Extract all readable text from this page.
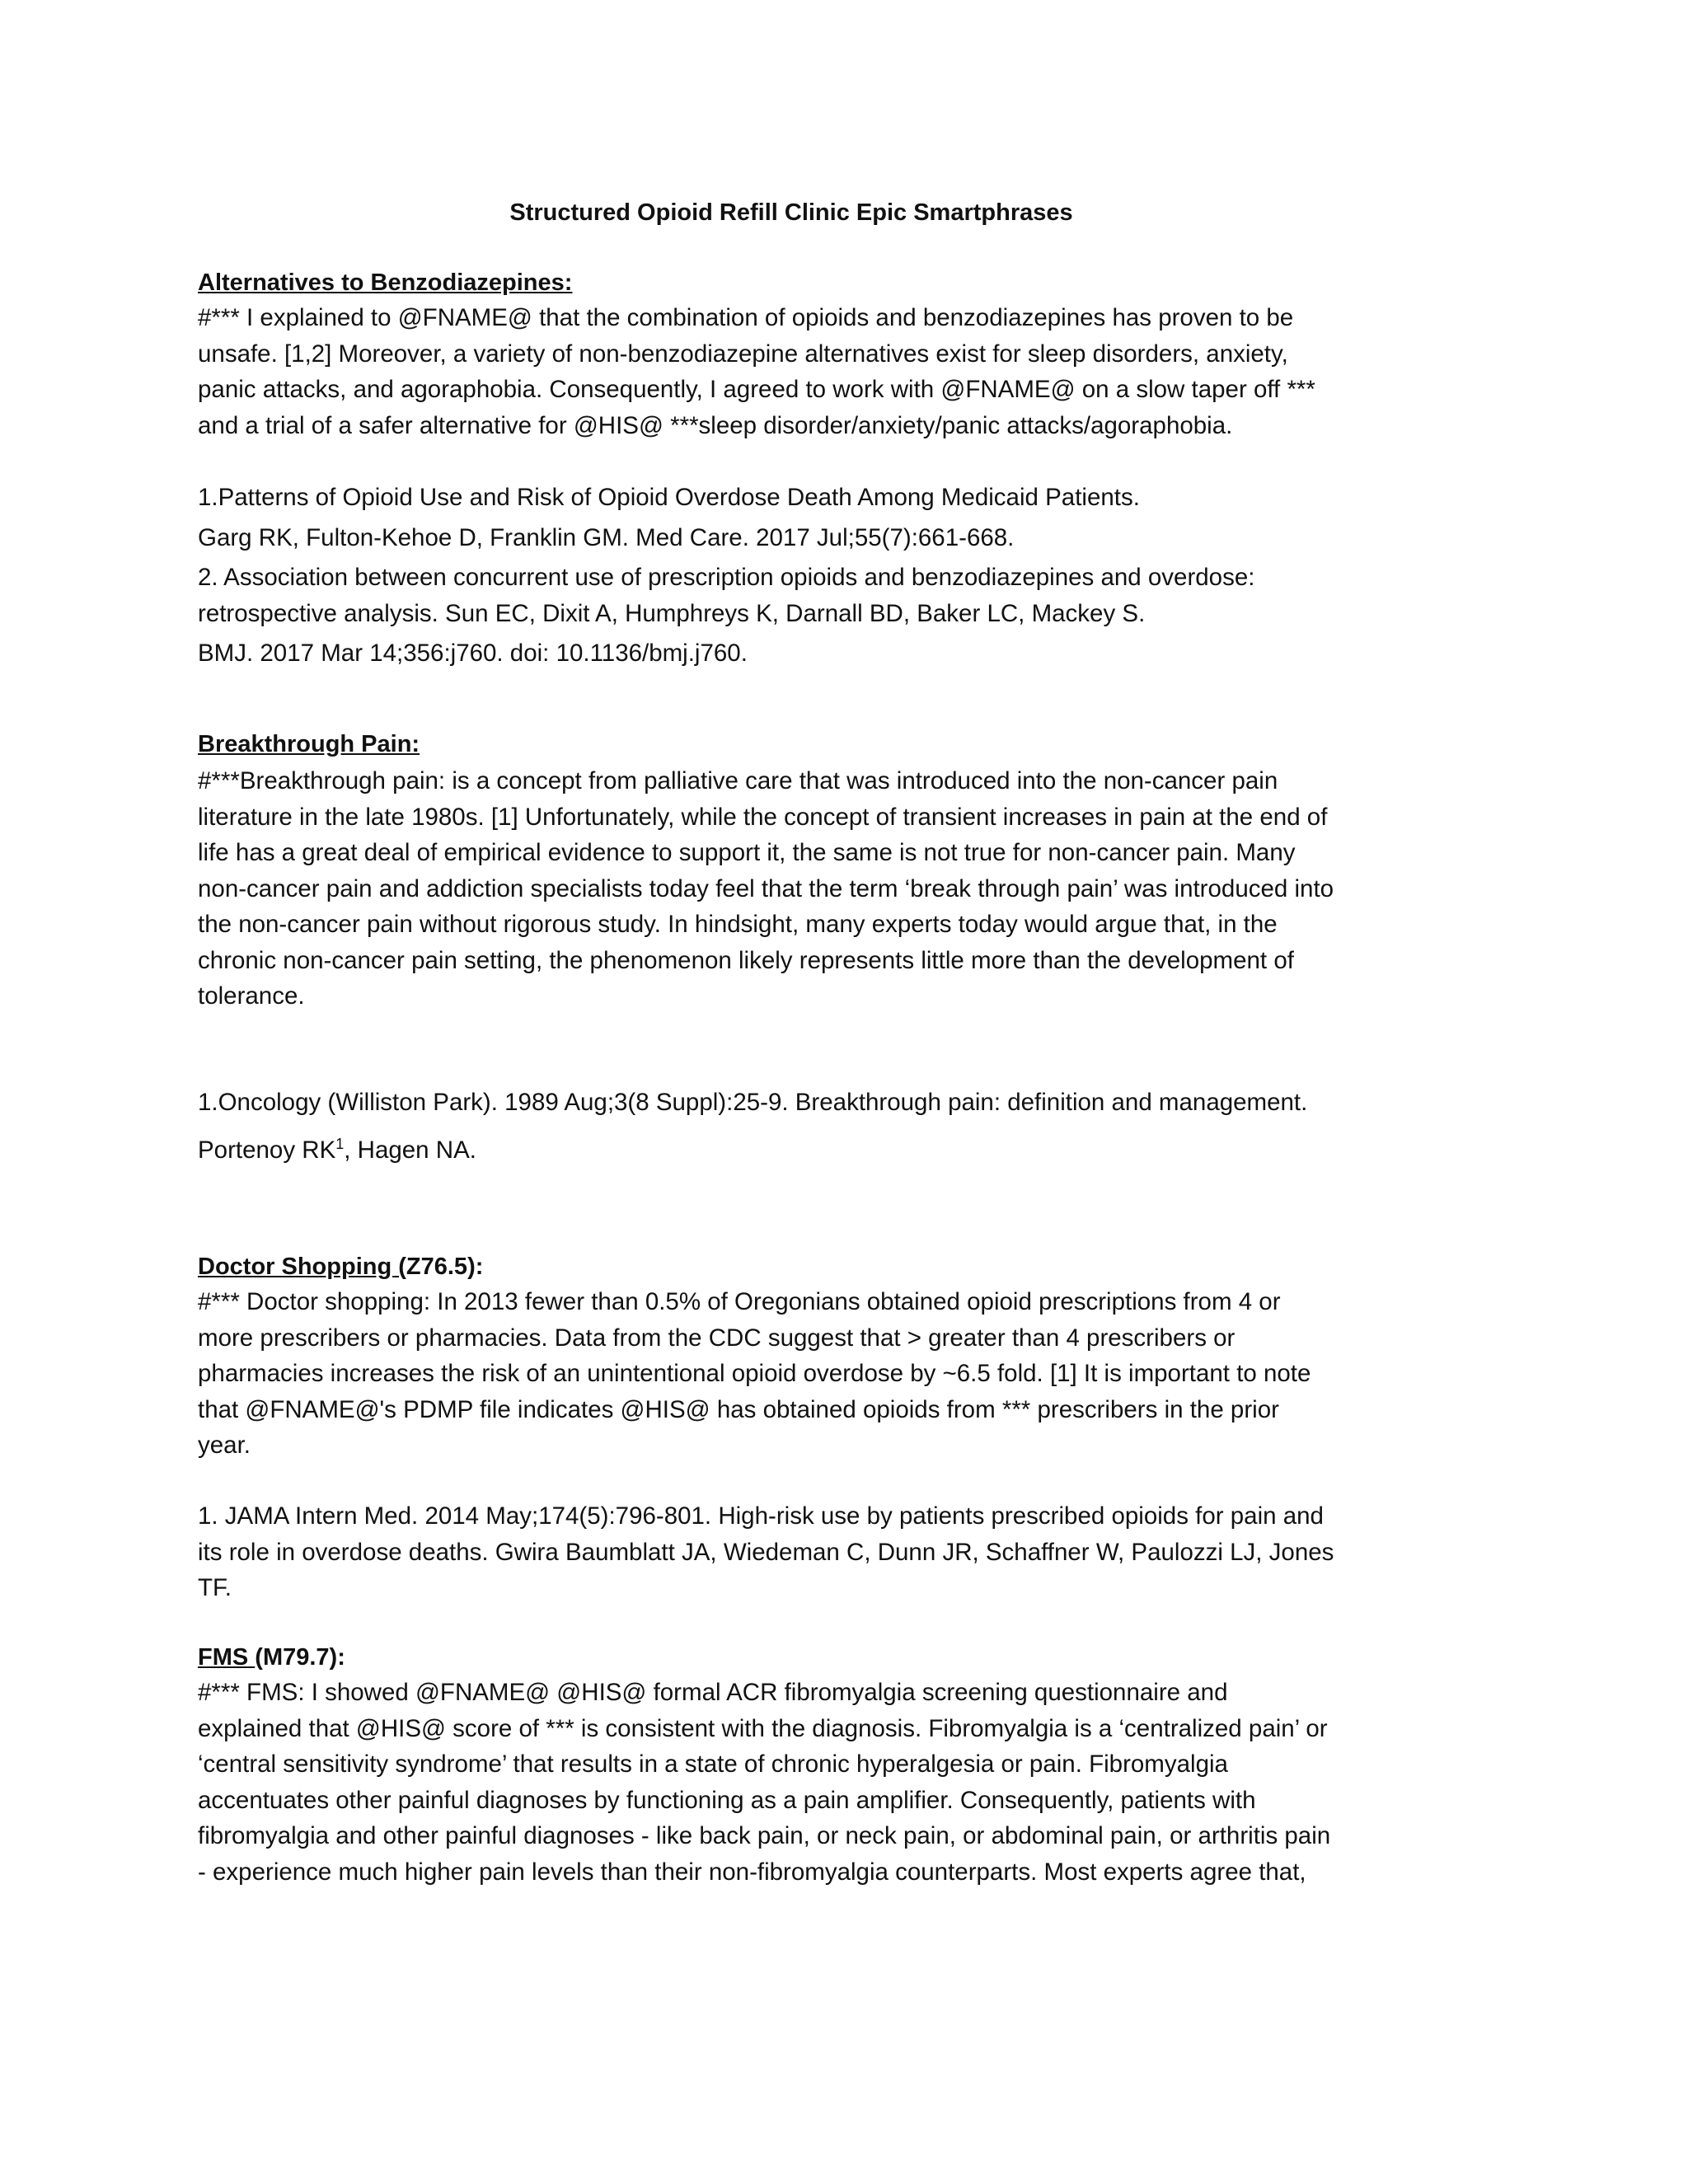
Structured Opioid Refill Clinic Epic Smartphrases
Alternatives to Benzodiazepines:

#*** I explained to @FNAME@ that the combination of opioids and benzodiazepines has proven to be
unsafe. [1,2] Moreover, a variety of non-benzodiazepine alternatives exist for sleep disorders, anxiety,
panic attacks, and agoraphobia. Consequently, I agreed to work with @FNAME@ on a slow taper off ***
and a trial of a safer alternative for @HIS@ ***sleep disorder/anxiety/panic attacks/agoraphobia.

1.Patterns of Opioid Use and Risk of Opioid Overdose Death Among Medicaid Patients.
Garg RK, Fulton-Kehoe D, Franklin GM. Med Care. 2017 Jul;55(7):661-668.

2. Association between concurrent use of prescription opioids and benzodiazepines and overdose:
retrospective analysis. Sun EC, Dixit A, Humphreys K, Darnall BD, Baker LC, Mackey S.

BMJ. 2017 Mar 14;356:j760. doi: 10.1136/bmj.j760.
Breakthrough Pain:

#***Breakthrough pain: is a concept from palliative care that was introduced into the non-cancer pain
literature in the late 1980s. [1] Unfortunately, while the concept of transient increases in pain at the end of
life has a great deal of empirical evidence to support it, the same is not true for non-cancer pain. Many
non-cancer pain and addiction specialists today feel that the term ‘break through pain’ was introduced into
the non-cancer pain without rigorous study. In hindsight, many experts today would argue that, in the
chronic non-cancer pain setting, the phenomenon likely represents little more than the development of
tolerance.

1.Oncology (Williston Park). 1989 Aug;3(8 Suppl):25-9. Breakthrough pain: definition and management.
Portenoy $RK^1$, Hagen NA.
Doctor Shopping (Z76.5):

#*** Doctor shopping: In 2013 fewer than 0.5% of Oregonians obtained opioid prescriptions from 4 or
more prescribers or pharmacies. Data from the CDC suggest that > greater than 4 prescribers or
pharmacies increases the risk of an unintentional opioid overdose by ~6.5 fold. [1] It is important to note
that @FNAME@'s PDMP file indicates @HIS@ has obtained opioids from *** prescribers in the prior
year.

1. JAMA Intern Med. 2014 May;174(5):796-801. High-risk use by patients prescribed opioids for pain and
its role in overdose deaths. Gwira Baumblatt JA, Wiedeman C, Dunn JR, Schaffner W, Paulozzi LJ, Jones
TF.

FMS (M79.7):

#*** FMS: I showed @FNAME@ @HIS@ formal ACR fibromyalgia screening questionnaire and
explained that @HIS@ score of *** is consistent with the diagnosis. Fibromyalgia is a ‘centralized pain’ or
‘central sensitivity syndrome’ that results in a state of chronic hyperalgesia or pain. Fibromyalgia
accentuates other painful diagnoses by functioning as a pain amplifier. Consequently, patients with
fibromyalgia and other painful diagnoses - like back pain, or neck pain, or abdominal pain, or arthritis pain
- experience much higher pain levels than their non-fibromyalgia counterparts. Most experts agree that,
